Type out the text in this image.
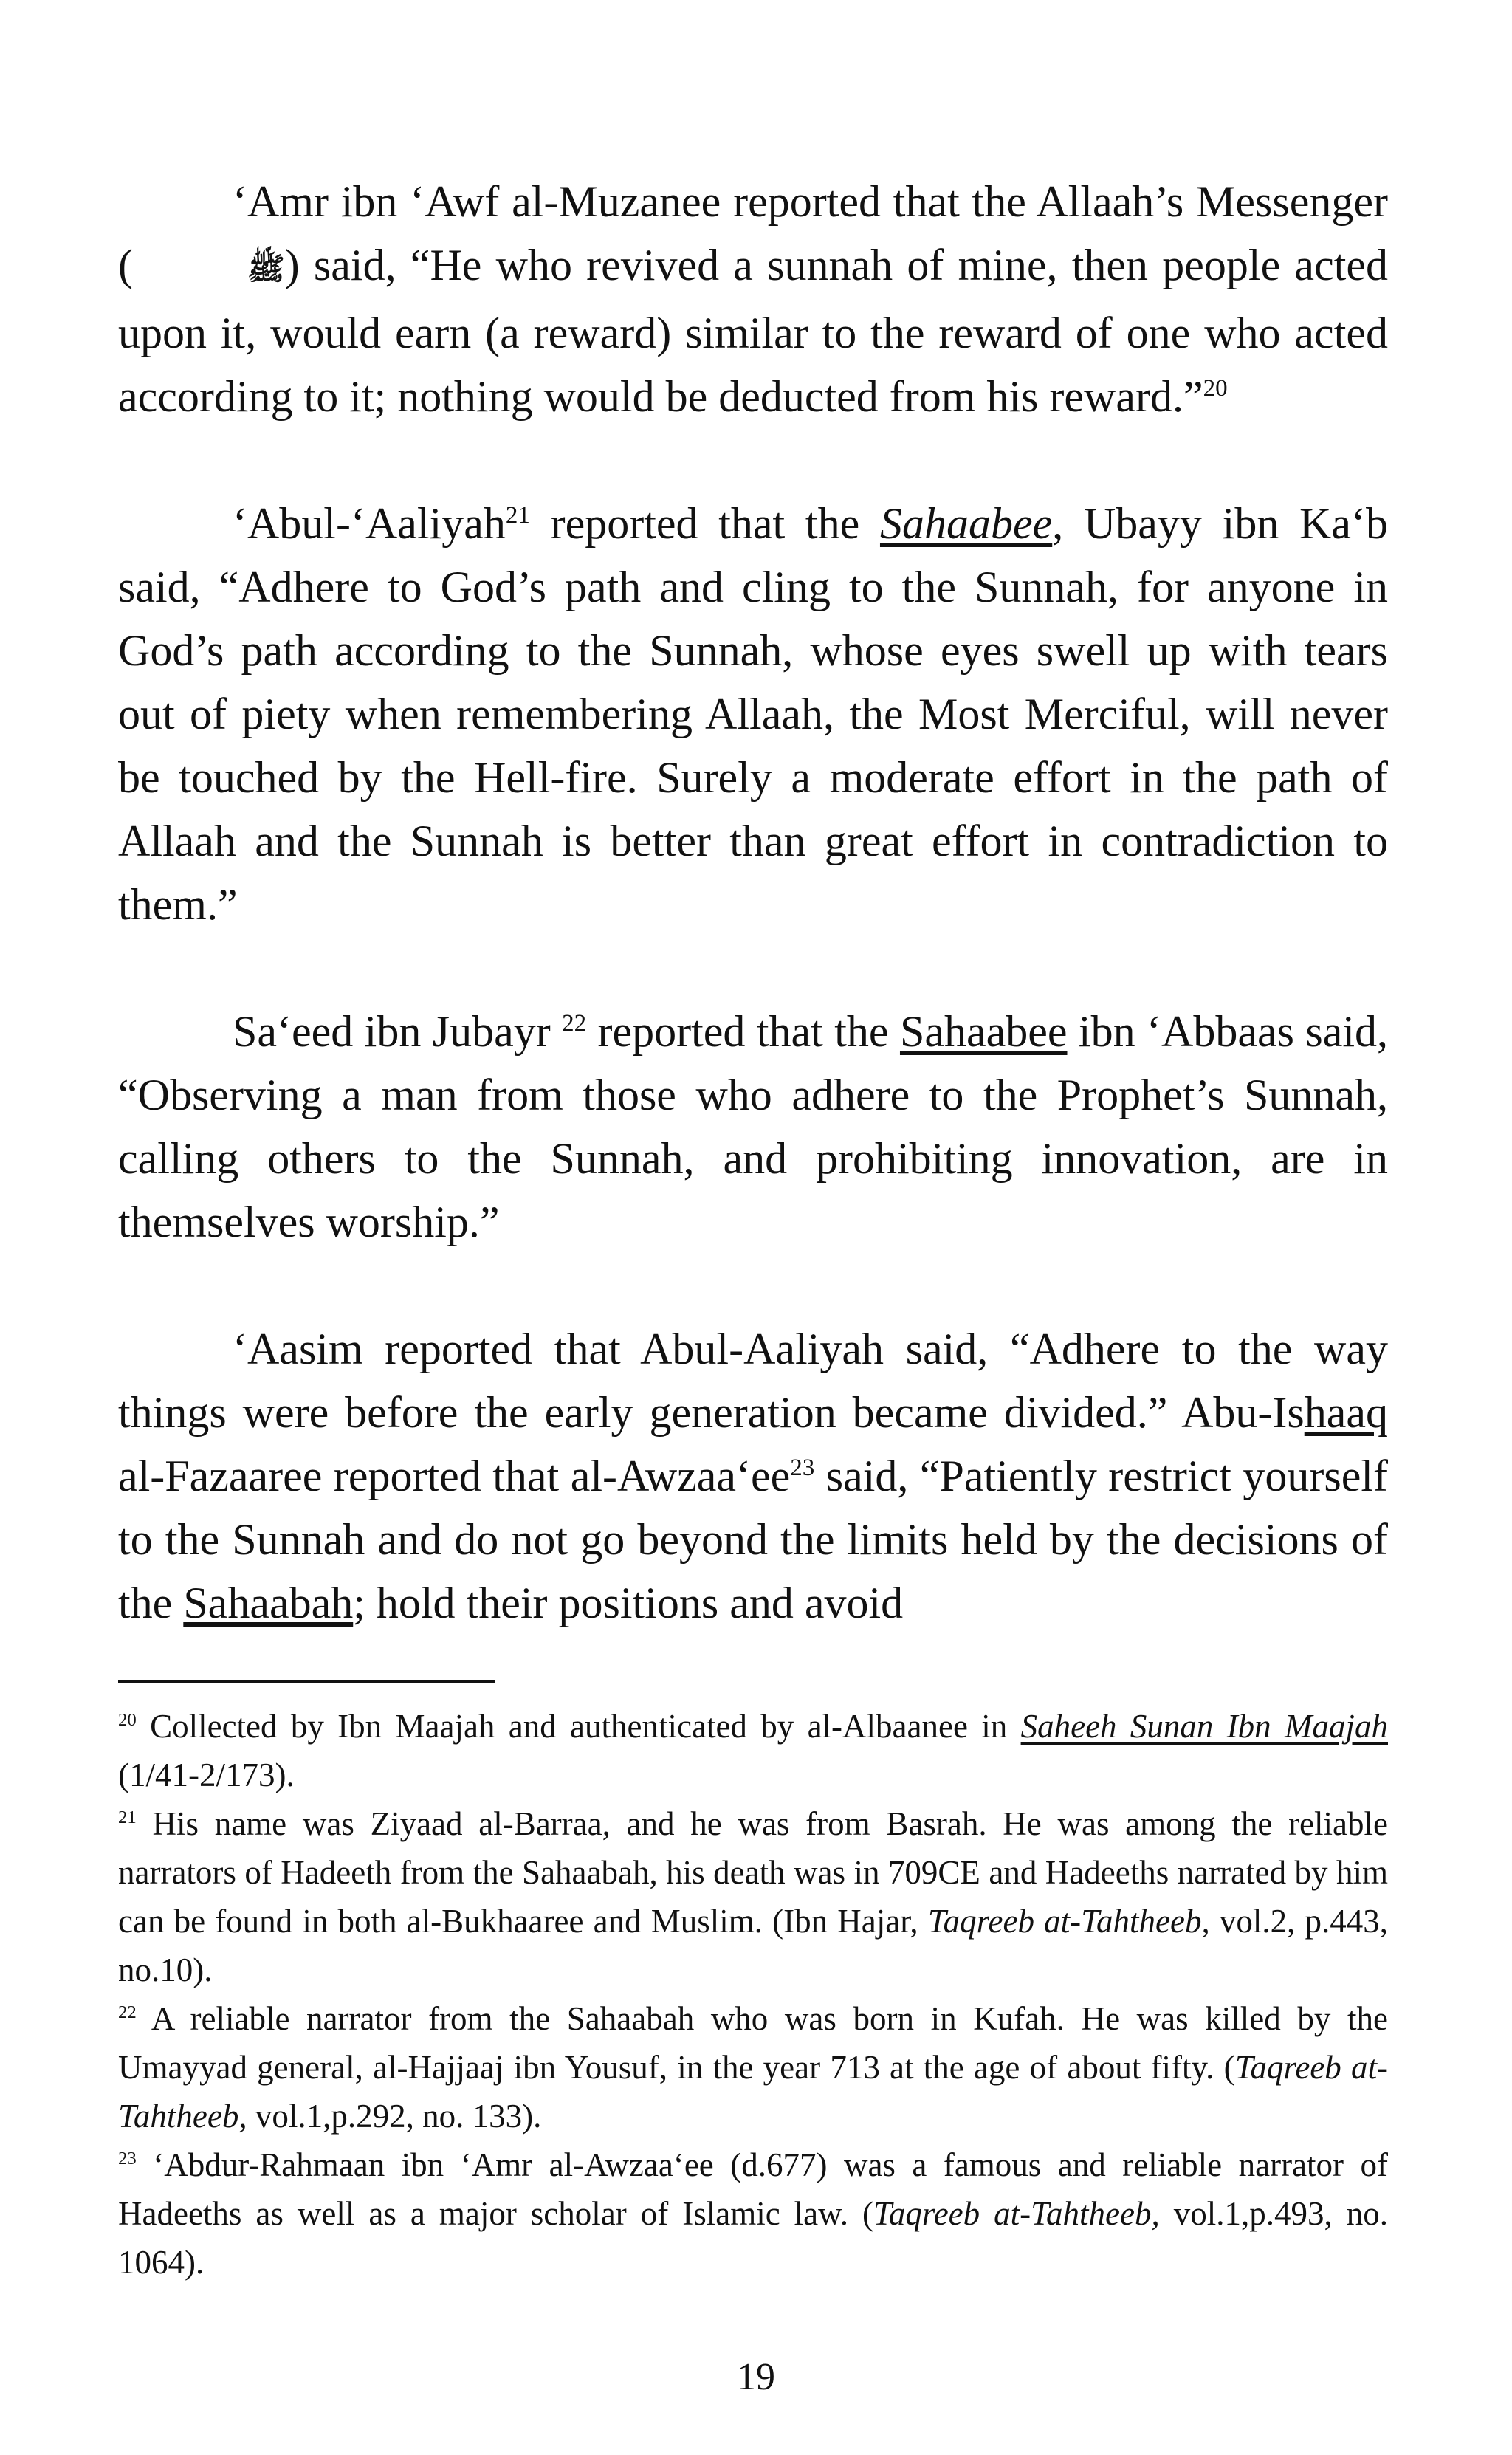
‘Amr ibn ‘Awf al-Muzanee reported that the Allaah’s Messenger (	ﷺ) said, “He who revived a sunnah of mine, then people acted upon it, would earn (a reward) similar to the reward of one who acted according to it; nothing would be deducted from his reward.”$^{20}$

‘Abul-‘Aaliyah$^{21}$ reported that the Sahaabee, Ubayy ibn Ka‘b said, “Adhere to God’s path and cling to the Sunnah, for anyone in God’s path according to the Sunnah, whose eyes swell up with tears out of piety when remembering Allaah, the Most Merciful, will never be touched by the Hell-fire. Surely a moderate effort in the path of Allaah and the Sunnah is better than great effort in contradiction to them.”

Sa‘eed ibn Jubayr $^{22}$ reported that the Sahaabee ibn ‘Abbaas said, “Observing a man from those who adhere to the Prophet’s Sunnah, calling others to the Sunnah, and prohibiting innovation, are in themselves worship.”

‘Aasim reported that Abul-Aaliyah said, “Adhere to the way things were before the early generation became divided.” Abu-Ishaaq al-Fazaaree reported that $al-Awzaa‘ee^{23}$ said, “Patiently restrict yourself to the Sunnah and do not go beyond the limits held by the decisions of the Sahaabah; hold their positions and avoid

$^{20}$ Collected by Ibn Maajah and authenticated by al-Albaanee in Saheeh Sunan Ibn Maajah (1/41-2/173).

$^{21}$ His name was Ziyaad al-Barraa, and he was from Basrah. He was among the reliable narrators of Hadeeth from the Sahaabah, his death was in 709CE and Hadeeths narrated by him can be found in both al-Bukhaaree and Muslim. (Ibn Hajar, Taqreeb at-Tahtheeb, vol.2, p.443, no.10).

$^{22}$ A reliable narrator from the Sahaabah who was born in Kufah. He was killed by the Umayyad general, al-Hajjaaj ibn Yousuf, in the year 713 at the age of about fifty. (Taqreeb at-Tahtheeb, vol.1,p.292, no. 133).

$^{23}$ ‘Abdur-Rahmaan ibn ‘Amr al-Awzaa‘ee (d.677) was a famous and reliable narrator of Hadeeths as well as a major scholar of Islamic law. (Taqreeb at-Tahtheeb, vol.1,p.493, no. 1064).

19
